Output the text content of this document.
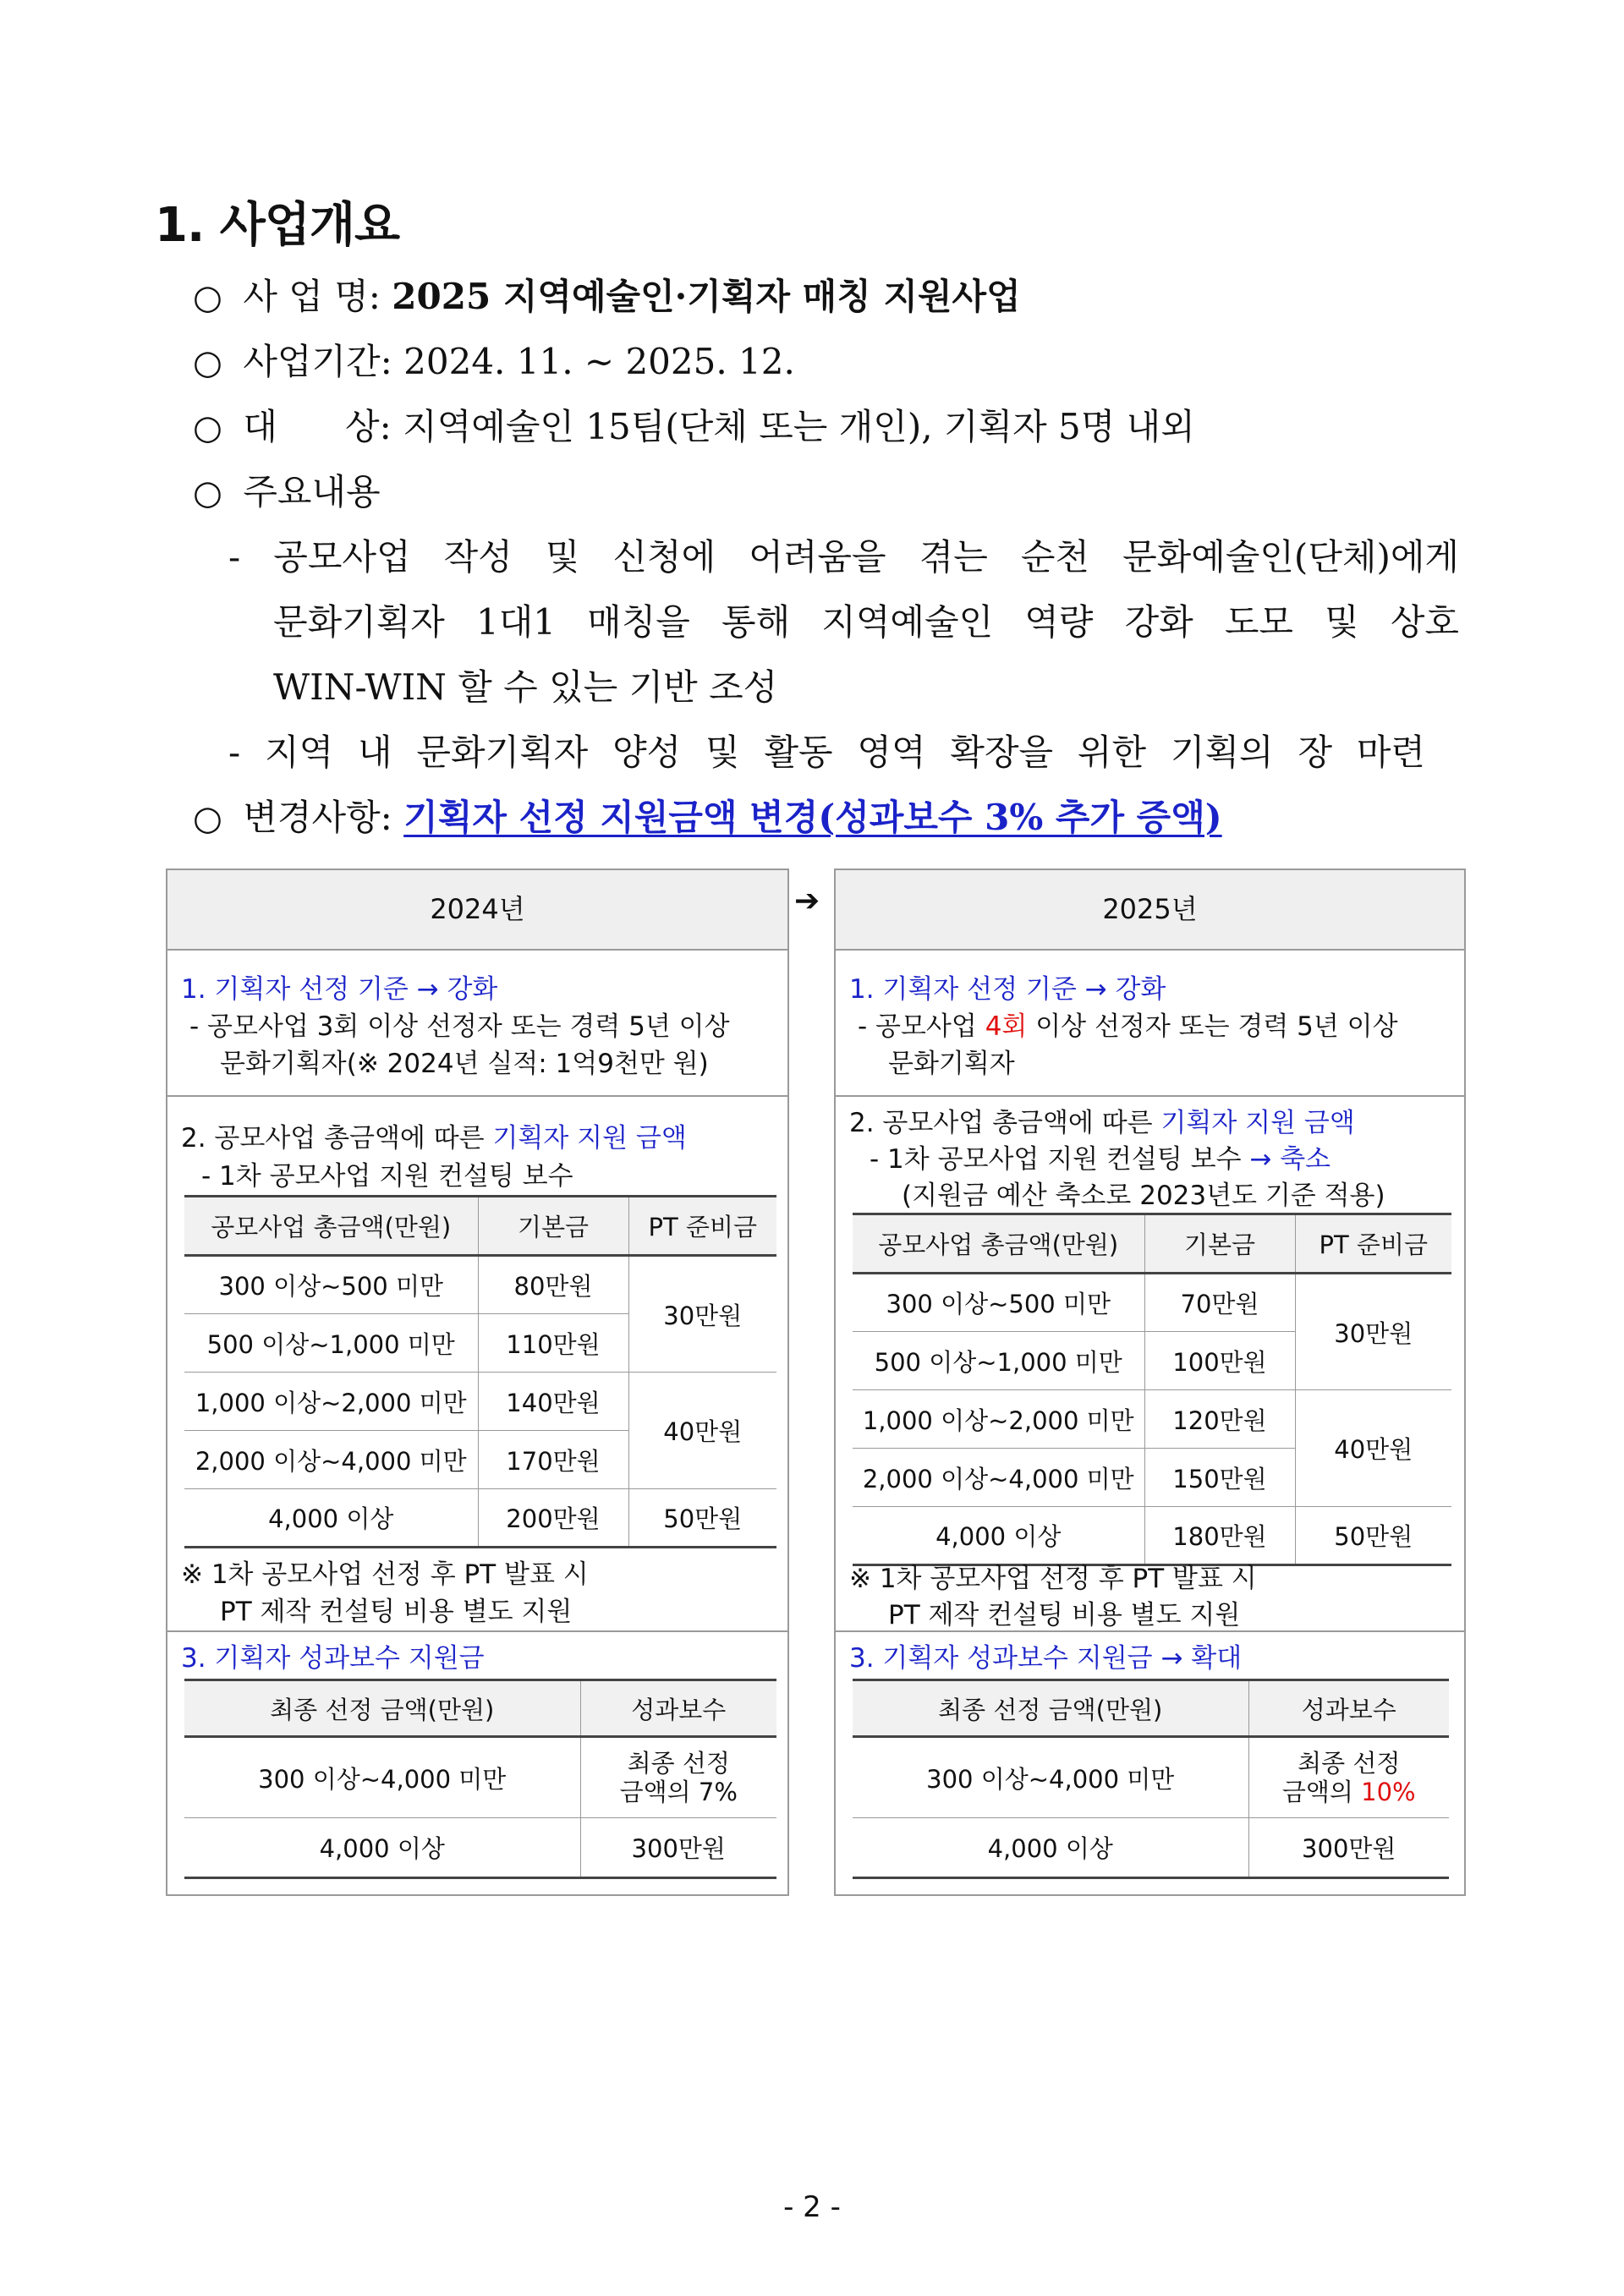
1. 사업개요
○ 사 업 명: 2025 지역예술인·기획자 매칭 지원사업
○ 사업기간: 2024. 11. ~ 2025. 12.
○ 대      상: 지역예술인 15팀(단체 또는 개인), 기획자 5명 내외
○ 주요내용
- 공모사업 작성 및 신청에 어려움을 겪는 순천 문화예술인(단체)에게
문화기획자 1대1 매칭을 통해 지역예술인 역량 강화 도모 및 상호
WIN-WIN 할 수 있는 기반 조성
- 지역 내 문화기획자 양성 및 활동 영역 확장을 위한 기획의 장 마련
○ 변경사항: 기획자 선정 지원금액 변경(성과보수 3% 추가 증액)
2024년
1. 기획자 선정 기준 → 강화
- 공모사업 3회 이상 선정자 또는 경력 5년 이상
문화기획자(※ 2024년 실적: 1억9천만 원)
2. 공모사업 총금액에 따른 기획자 지원 금액
- 1차 공모사업 지원 컨설팅 보수
공모사업 총금액(만원)	기본금	PT 준비금
300 이상~500 미만	80만원	30만원
500 이상~1,000 미만	110만원	
1,000 이상~2,000 미만	140만원	40만원
2,000 이상~4,000 미만	170만원	
4,000 이상	200만원	50만원
※ 1차 공모사업 선정 후 PT 발표 시
PT 제작 컨설팅 비용 별도 지원
3. 기획자 성과보수 지원금
최종 선정 금액(만원)	성과보수
300 이상~4,000 미만	최종 선정
금액의 7%

4,000 이상	300만원
➔	2025년
1. 기획자 선정 기준 → 강화
- 공모사업 4회 이상 선정자 또는 경력 5년 이상
문화기획자
2. 공모사업 총금액에 따른 기획자 지원 금액
- 1차 공모사업 지원 컨설팅 보수 → 축소
(지원금 예산 축소로 2023년도 기준 적용)
공모사업 총금액(만원)	기본금	PT 준비금
300 이상~500 미만	70만원	30만원
500 이상~1,000 미만	100만원	
1,000 이상~2,000 미만	120만원	40만원
2,000 이상~4,000 미만	150만원	
4,000 이상	180만원	50만원
※ 1차 공모사업 선정 후 PT 발표 시
PT 제작 컨설팅 비용 별도 지원
3. 기획자 성과보수 지원금 → 확대
최종 선정 금액(만원)	성과보수
300 이상~4,000 미만	최종 선정
금액의 10%

4,000 이상	300만원
- 2 -
